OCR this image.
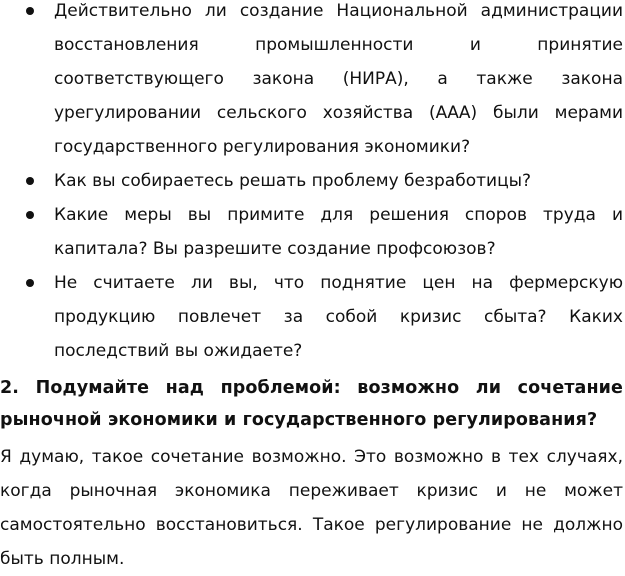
Действительно ли создание Национальной администрации восстановления промышленности и принятие соответствующего закона (НИРА), а также закона урегулировании сельского хозяйства (ААА) были мерами государственного регулирования экономики?
Как вы собираетесь решать проблему безработицы?
Какие меры вы примите для решения споров труда и капитала? Вы разрешите создание профсоюзов?
Не считаете ли вы, что поднятие цен на фермерскую продукцию повлечет за собой кризис сбыта? Каких последствий вы ожидаете?
2. Подумайте над проблемой: возможно ли сочетание рыночной экономики и государственного регулирования?

Я думаю, такое сочетание возможно. Это возможно в тех случаях, когда рыночная экономика переживает кризис и не может самостоятельно восстановиться. Такое регулирование не должно быть полным.
